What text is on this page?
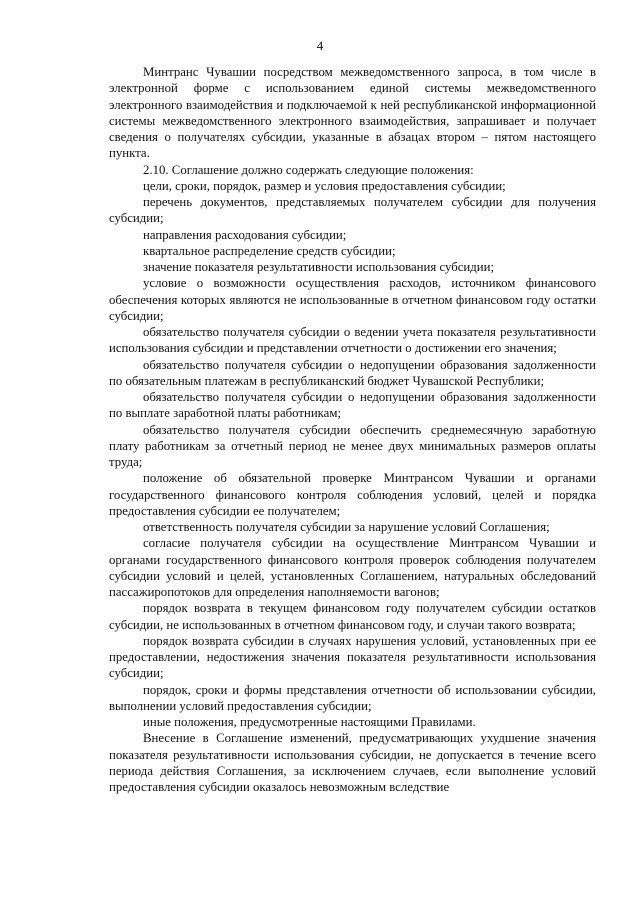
4

Минтранс Чувашии посредством межведомственного запроса, в том числе в электронной форме с использованием единой системы межведомственного электронного взаимодействия и подключаемой к ней республиканской информационной системы межведомственного электронного взаимодействия, запрашивает и получает сведения о получателях субсидии, указанные в абзацах втором – пятом настоящего пункта.

2.10. Соглашение должно содержать следующие положения:

цели, сроки, порядок, размер и условия предоставления субсидии;

перечень документов, представляемых получателем субсидии для получения субсидии;

направления расходования субсидии;

квартальное распределение средств субсидии;

значение показателя результативности использования субсидии;

условие о возможности осуществления расходов, источником финансового обеспечения которых являются не использованные в отчетном финансовом году остатки субсидии;

обязательство получателя субсидии о ведении учета показателя результативности использования субсидии и представлении отчетности о достижении его значения;

обязательство получателя субсидии о недопущении образования задолженности по обязательным платежам в республиканский бюджет Чувашской Республики;

обязательство получателя субсидии о недопущении образования задолженности по выплате заработной платы работникам;

обязательство получателя субсидии обеспечить среднемесячную заработную плату работникам за отчетный период не менее двух минимальных размеров оплаты труда;

положение об обязательной проверке Минтрансом Чувашии и органами государственного финансового контроля соблюдения условий, целей и порядка предоставления субсидии ее получателем;

ответственность получателя субсидии за нарушение условий Соглашения;

согласие получателя субсидии на осуществление Минтрансом Чувашии и органами государственного финансового контроля проверок соблюдения получателем субсидии условий и целей, установленных Соглашением, натуральных обследований пассажиропотоков для определения наполняемости вагонов;

порядок возврата в текущем финансовом году получателем субсидии остатков субсидии, не использованных в отчетном финансовом году, и случаи такого возврата;

порядок возврата субсидии в случаях нарушения условий, установленных при ее предоставлении, недостижения значения показателя результативности использования субсидии;

порядок, сроки и формы представления отчетности об использовании субсидии, выполнении условий предоставления субсидии;

иные положения, предусмотренные настоящими Правилами.

Внесение в Соглашение изменений, предусматривающих ухудшение значения показателя результативности использования субсидии, не допускается в течение всего периода действия Соглашения, за исключением случаев, если выполнение условий предоставления субсидии оказалось невозможным вследствие
